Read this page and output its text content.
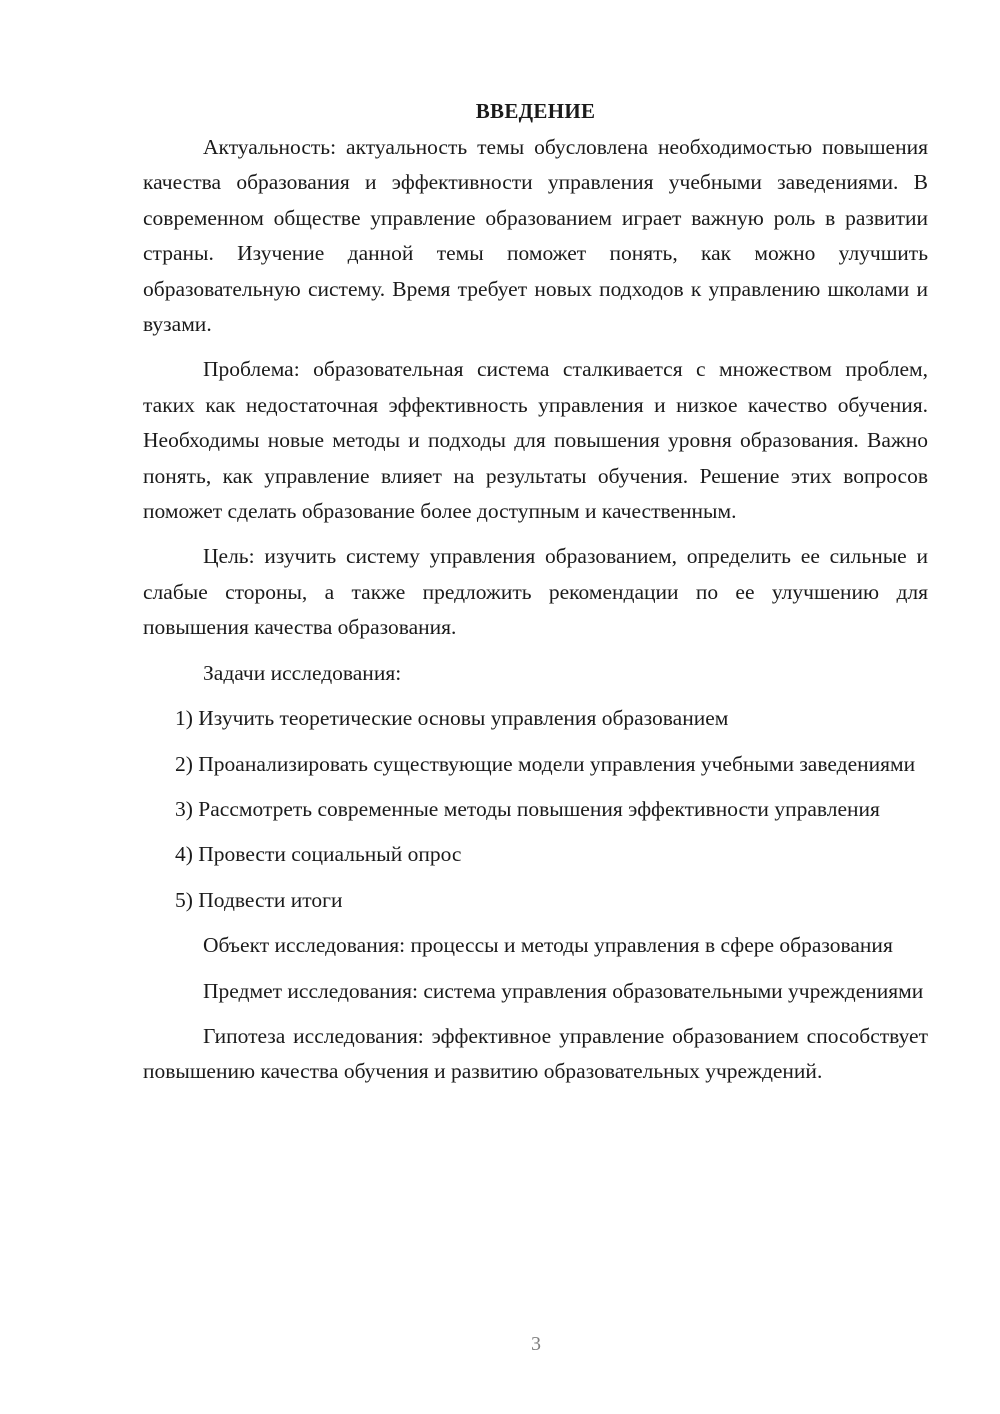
ВВЕДЕНИЕ

Актуальность: актуальность темы обусловлена необходимостью повышения качества образования и эффективности управления учебными заведениями. В современном обществе управление образованием играет важную роль в развитии страны. Изучение данной темы поможет понять, как можно улучшить образовательную систему. Время требует новых подходов к управлению школами и вузами.

Проблема: образовательная система сталкивается с множеством проблем, таких как недостаточная эффективность управления и низкое качество обучения. Необходимы новые методы и подходы для повышения уровня образования. Важно понять, как управление влияет на результаты обучения. Решение этих вопросов поможет сделать образование более доступным и качественным.

Цель: изучить систему управления образованием, определить ее сильные и слабые стороны, а также предложить рекомендации по ее улучшению для повышения качества образования.

Задачи исследования:

1) Изучить теоретические основы управления образованием

2) Проанализировать существующие модели управления учебными заведениями

3) Рассмотреть современные методы повышения эффективности управления

4) Провести социальный опрос

5) Подвести итоги

Объект исследования: процессы и методы управления в сфере образования

Предмет исследования: система управления образовательными учреждениями

Гипотеза исследования: эффективное управление образованием способствует повышению качества обучения и развитию образовательных учреждений.

3
